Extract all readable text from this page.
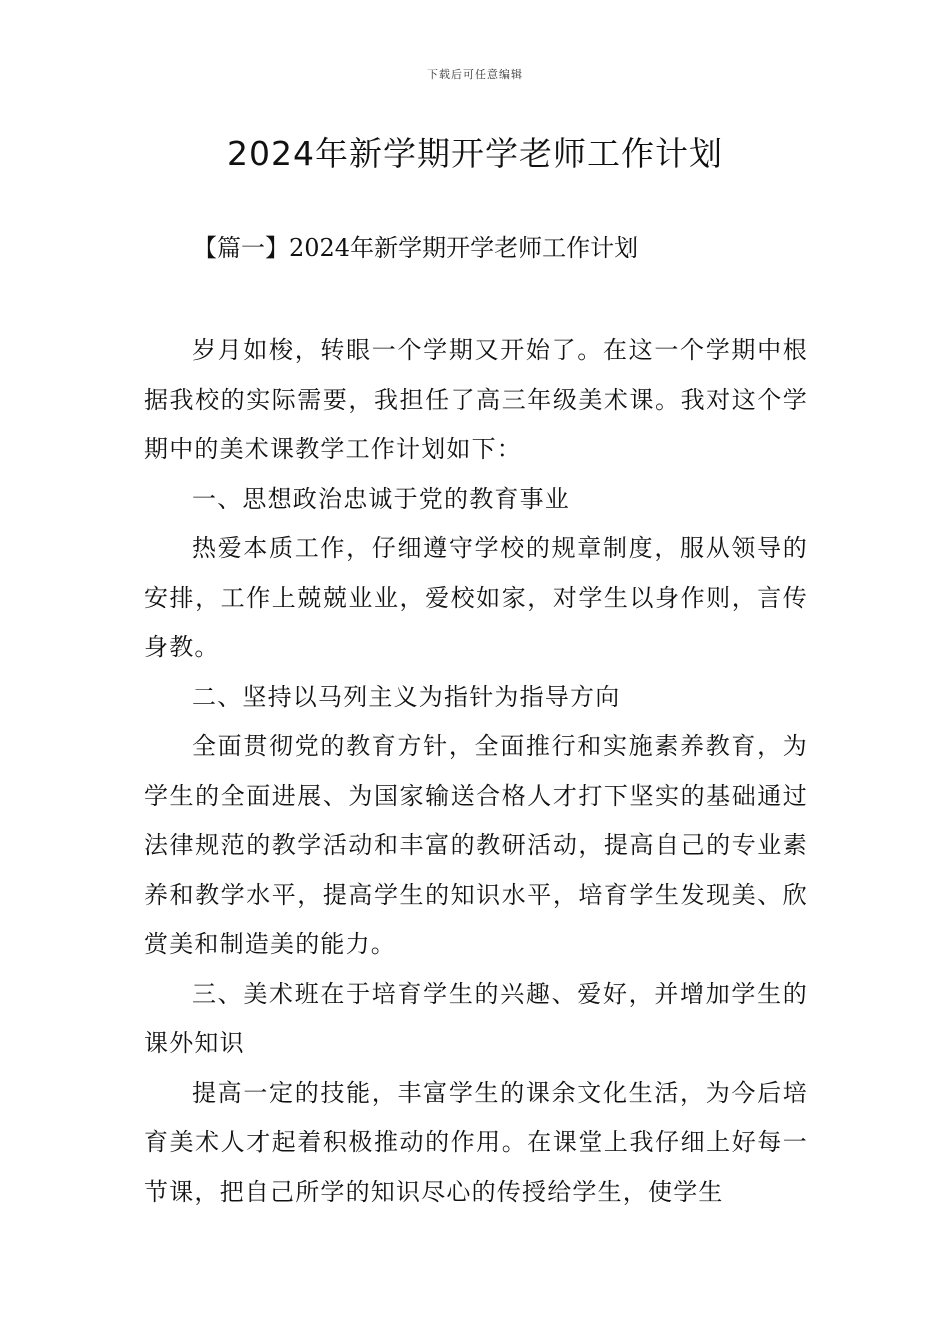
下载后可任意编辑
2024年新学期开学老师工作计划
【篇一】2024年新学期开学老师工作计划

岁月如梭，转眼一个学期又开始了。在这一个学期中根据我校的实际需要，我担任了高三年级美术课。我对这个学期中的美术课教学工作计划如下：

一、思想政治忠诚于党的教育事业

热爱本质工作，仔细遵守学校的规章制度，服从领导的安排，工作上兢兢业业，爱校如家，对学生以身作则，言传身教。

二、坚持以马列主义为指针为指导方向

全面贯彻党的教育方针，全面推行和实施素养教育，为学生的全面进展、为国家输送合格人才打下坚实的基础通过法律规范的教学活动和丰富的教研活动，提高自己的专业素养和教学水平，提高学生的知识水平，培育学生发现美、欣赏美和制造美的能力。

三、美术班在于培育学生的兴趣、爱好，并增加学生的课外知识

提高一定的技能，丰富学生的课余文化生活，为今后培育美术人才起着积极推动的作用。在课堂上我仔细上好每一节课，把自己所学的知识尽心的传授给学生，使学生
